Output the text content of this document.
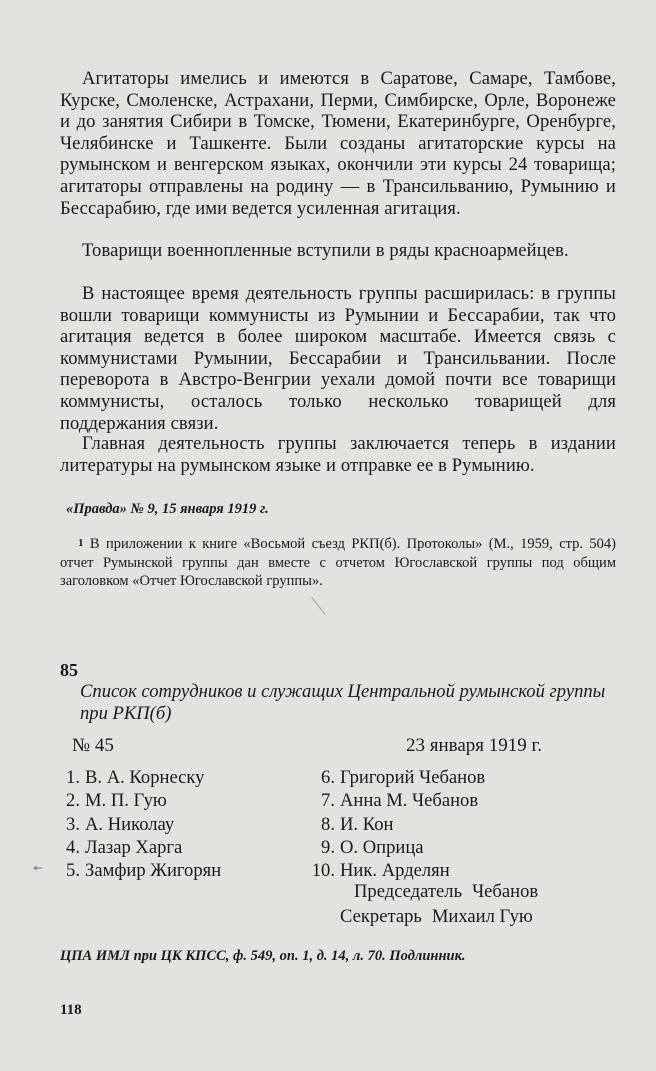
Агитаторы имелись и имеются в Саратове, Самаре, Тамбове, Курске, Смоленске, Астрахани, Перми, Симбирске, Орле, Воронеже и до занятия Сибири в Томске, Тюмени, Екатеринбурге, Оренбурге, Челябинске и Ташкенте. Были созданы агитаторские курсы на румынском и венгерском языках, окончили эти курсы 24 товарища; агитаторы отправлены на родину — в Трансильванию, Румынию и Бессарабию, где ими ведется усиленная агитация.

Товарищи военнопленные вступили в ряды красноармейцев.

В настоящее время деятельность группы расширилась: в группы вошли товарищи коммунисты из Румынии и Бессарабии, так что агитация ведется в более широком масштабе. Имеется связь с коммунистами Румынии, Бессарабии и Трансильвании. После переворота в Австро-Венгрии уехали домой почти все товарищи коммунисты, осталось только несколько товарищей для поддержания связи.

Главная деятельность группы заключается теперь в издании литературы на румынском языке и отправке ее в Румынию.

«Правда» № 9, 15 января 1919 г.

$^1$ В приложении к книге «Восьмой съезд РКП(б). Протоколы» (М., 1959, стр. 504) отчет Румынской группы дан вместе с отчетом Югославской группы под общим заголовком «Отчет Югославской группы».

85

Список сотрудников и служащих Центральной румынской группы при РКП(б)

№ 45	23 января 1919 г.

1. В. А. Корнеску
2. М. П. Гую
3. А. Николау
4. Лазар Харга
5. Замфир Жигорян
6. Григорий Чебанов
7. Анна М. Чебанов
8. И. Кон
9. О. Оприца
10. Ник. Арделян
↞

Председатель Чебанов

Секретарь Михаил Гую

ЦПА ИМЛ при ЦК КПСС, ф. 549, оп. 1, д. 14, л. 70. Подлинник.

118
